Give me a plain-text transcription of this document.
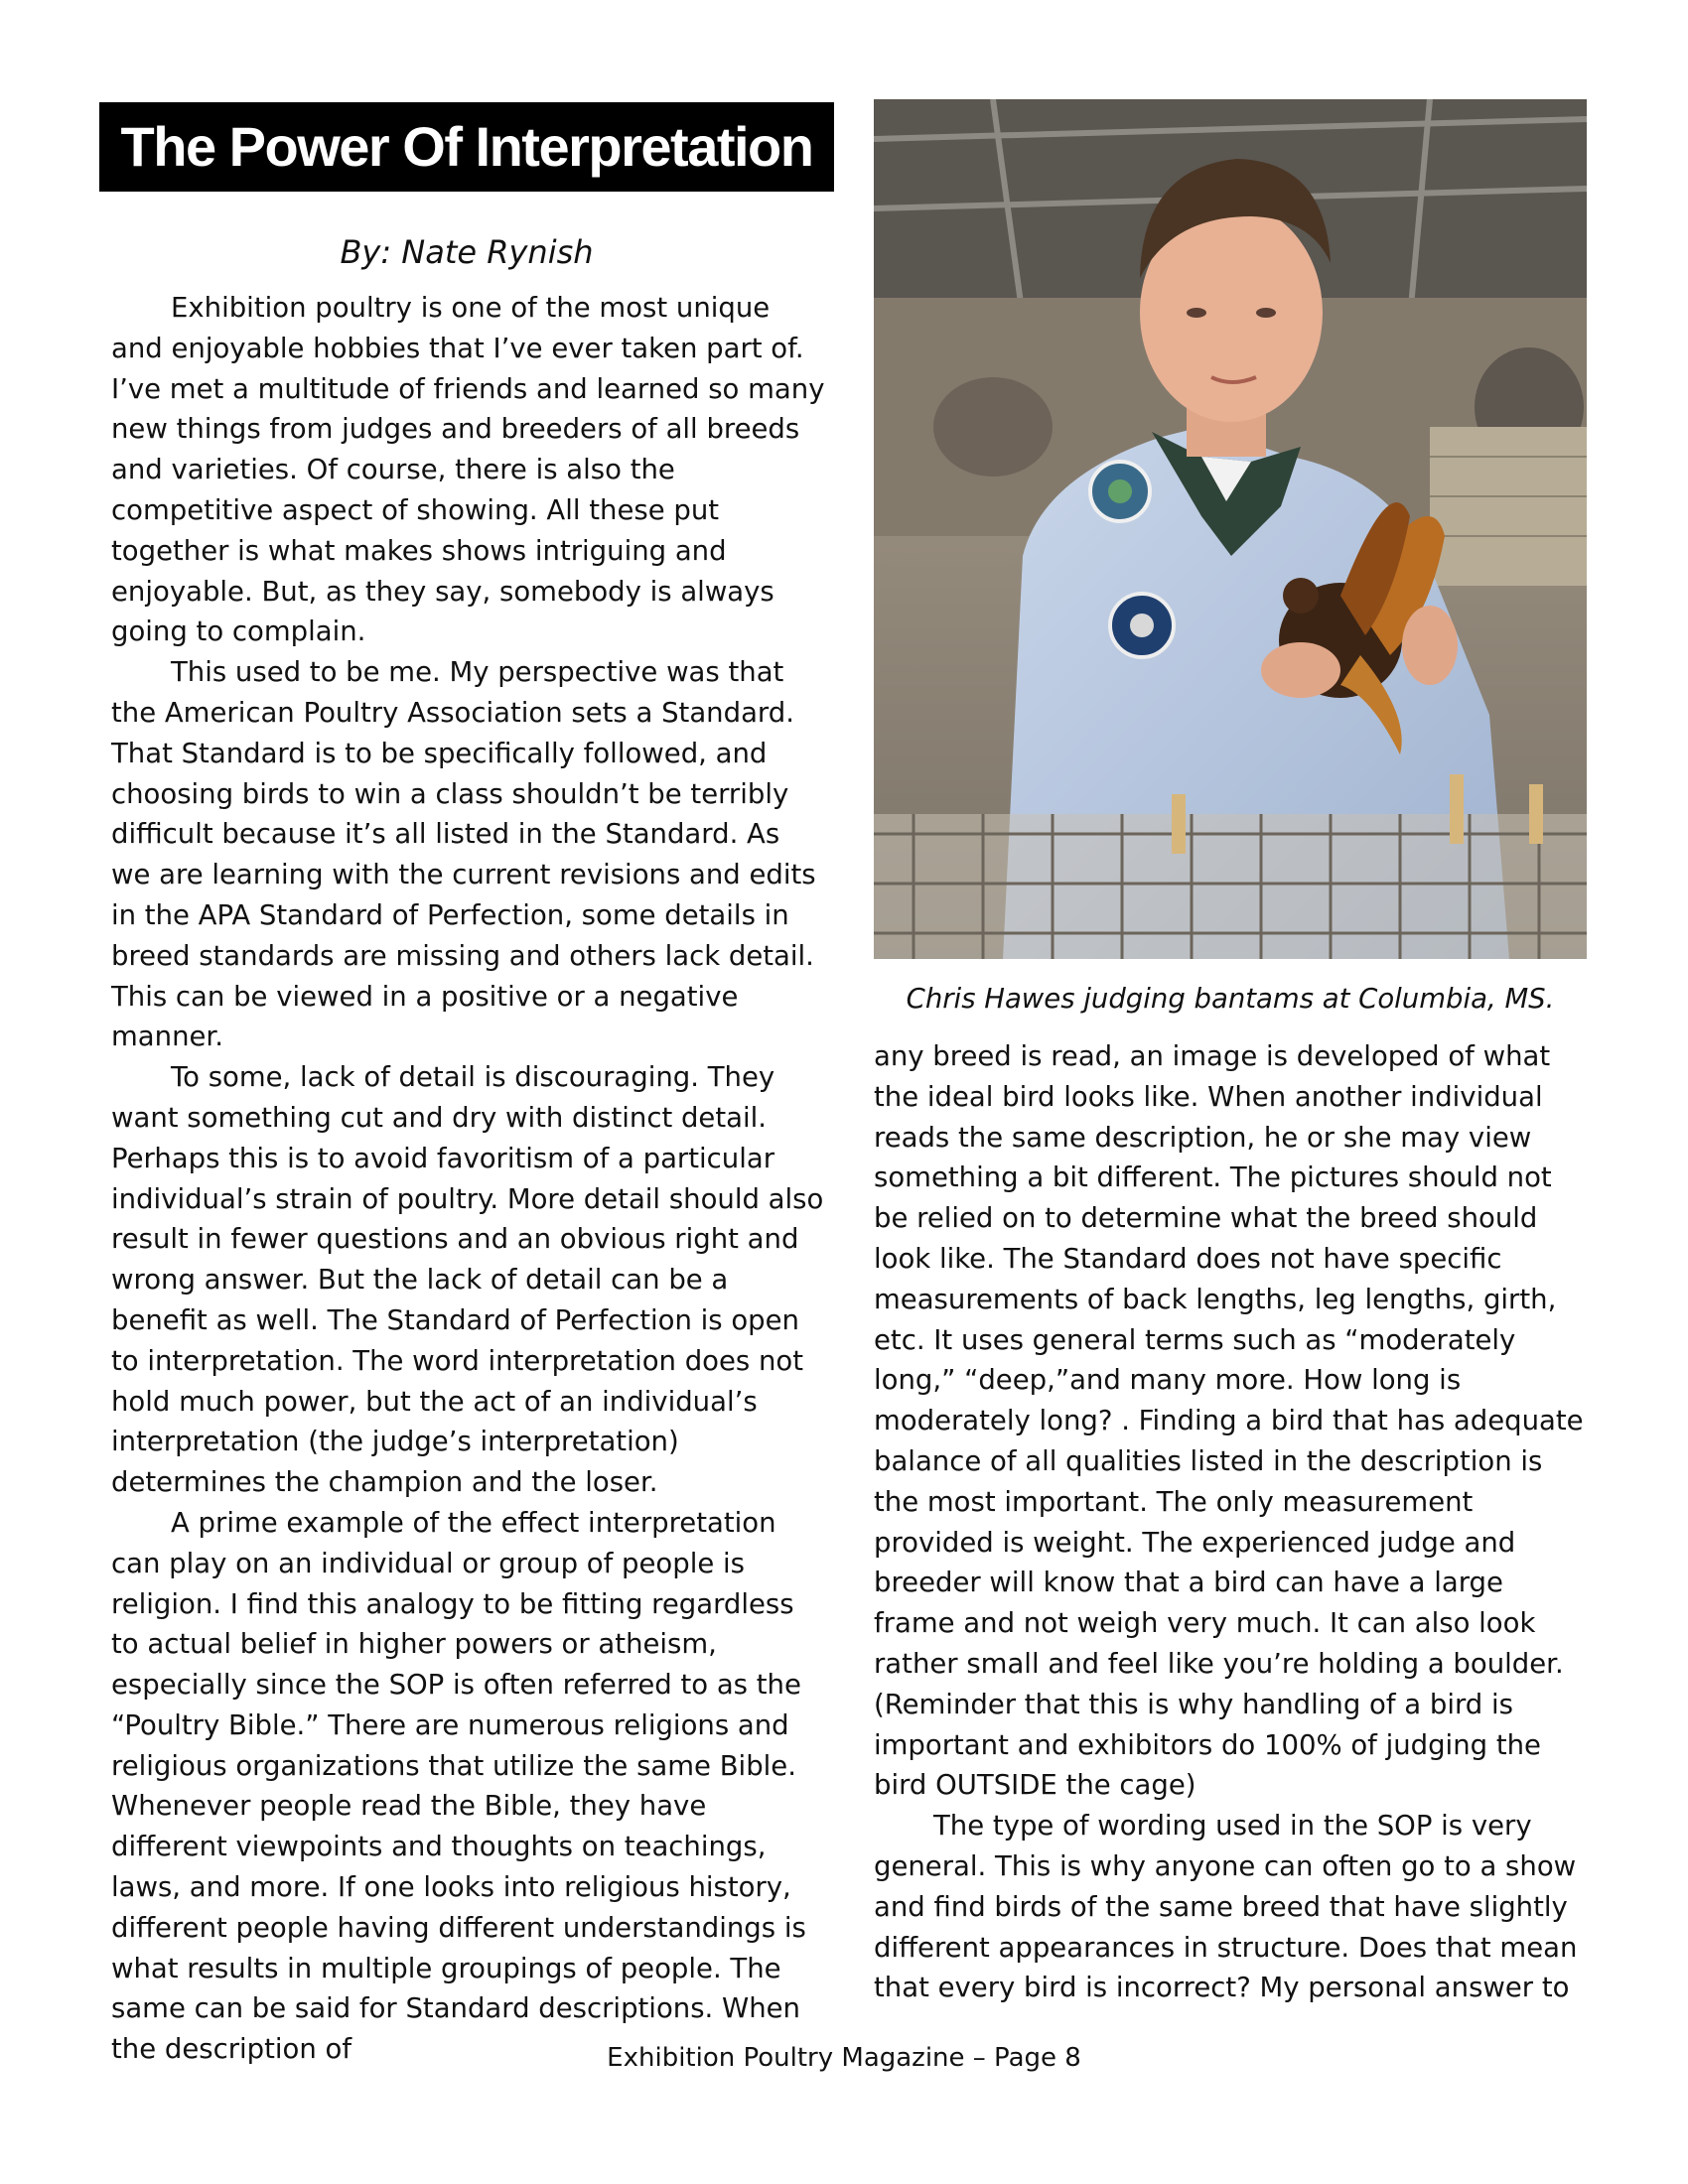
The Power Of Interpretation
By: Nate Rynish

Exhibition poultry is one of the most unique and enjoyable hobbies that I’ve ever taken part of. I’ve met a multitude of friends and learned so many new things from judges and breeders of all breeds and varieties. Of course, there is also the competitive aspect of showing. All these put together is what makes shows intriguing and enjoyable. But, as they say, somebody is always going to complain.

This used to be me. My perspective was that the American Poultry Association sets a Standard. That Standard is to be specifically followed, and choosing birds to win a class shouldn’t be terribly difficult because it’s all listed in the Standard. As we are learning with the current revisions and edits in the APA Standard of Perfection, some details in breed standards are missing and others lack detail. This can be viewed in a positive or a negative manner.

To some, lack of detail is discouraging. They want something cut and dry with distinct detail. Perhaps this is to avoid favoritism of a particular individual’s strain of poultry. More detail should also result in fewer questions and an obvious right and wrong answer. But the lack of detail can be a benefit as well. The Standard of Perfection is open to interpretation. The word interpretation does not hold much power, but the act of an individual’s interpretation (the judge’s interpretation) determines the champion and the loser.

A prime example of the effect interpretation can play on an individual or group of people is religion. I find this analogy to be fitting regardless to actual belief in higher powers or atheism, especially since the SOP is often referred to as the “Poultry Bible.” There are numerous religions and religious organizations that utilize the same Bible. Whenever people read the Bible, they have different viewpoints and thoughts on teachings, laws, and more. If one looks into religious history, different people having different understandings is what results in multiple groupings of people. The same can be said for Standard descriptions. When the description of

Chris Hawes judging bantams at Columbia, MS.

any breed is read, an image is developed of what the ideal bird looks like. When another individual reads the same description, he or she may view something a bit different. The pictures should not be relied on to determine what the breed should look like. The Standard does not have specific measurements of back lengths, leg lengths, girth, etc. It uses general terms such as “moderately long,” “deep,”and many more. How long is moderately long? . Finding a bird that has adequate balance of all qualities listed in the description is the most important. The only measurement provided is weight. The experienced judge and breeder will know that a bird can have a large frame and not weigh very much. It can also look rather small and feel like you’re holding a boulder.(Reminder that this is why handling of a bird is important and exhibitors do 100% of judging the bird OUTSIDE the cage)

The type of wording used in the SOP is very general. This is why anyone can often go to a show and find birds of the same breed that have slightly different appearances in structure. Does that mean that every bird is incorrect? My personal answer to

Exhibition Poultry Magazine – Page 8
